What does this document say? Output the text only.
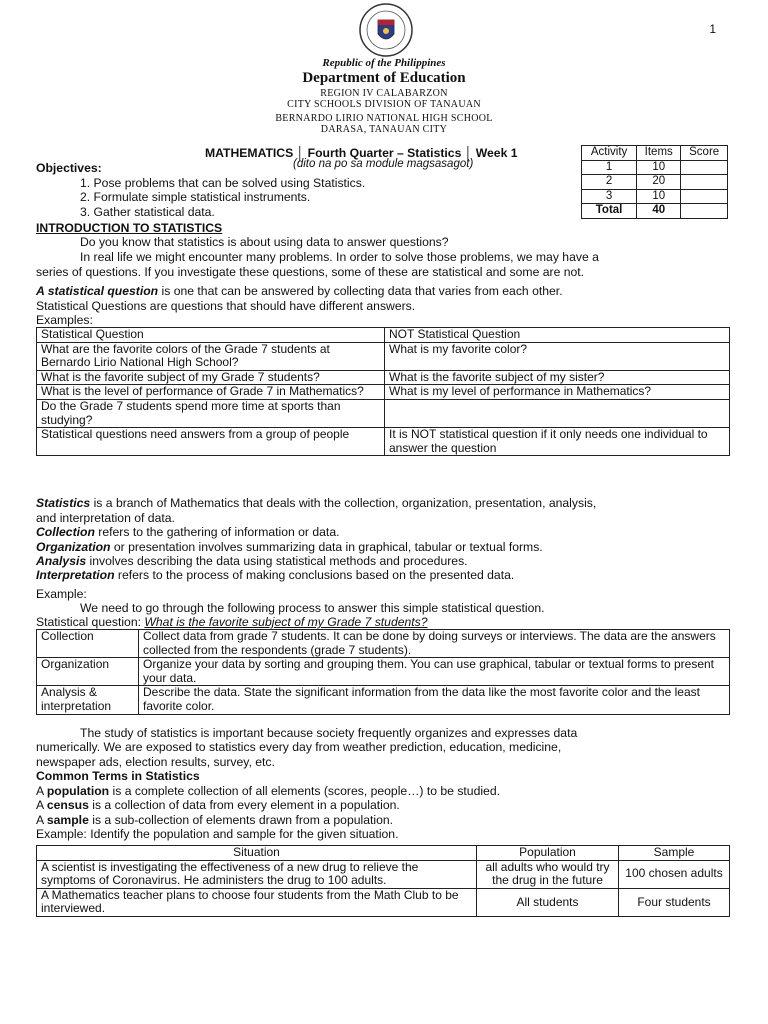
1
Republic of the Philippines
Department of Education
REGION IV CALABARZON
CITY SCHOOLS DIVISION OF TANAUAN
BERNARDO LIRIO NATIONAL HIGH SCHOOL
DARASA, TANAUAN CITY
MATHEMATICS │ Fourth Quarter – Statistics │ Week 1
(dito na po sa module magsasagot)
Activity	Items	Score
1	10	
2	20	
3	10	
Total	40	
Objectives:
1. Pose problems that can be solved using Statistics.
2. Formulate simple statistical instruments.
3. Gather statistical data.
INTRODUCTION TO STATISTICS
Do you know that statistics is about using data to answer questions?
In real life we might encounter many problems. In order to solve those problems, we may have a
series of questions. If you investigate these questions, some of these are statistical and some are not.
A statistical question is one that can be answered by collecting data that varies from each other.
Statistical Questions are questions that should have different answers.
Examples:
Statistical Question	NOT Statistical Question
What are the favorite colors of the Grade 7 students at Bernardo Lirio National High School?	What is my favorite color?
What is the favorite subject of my Grade 7 students?	What is the favorite subject of my sister?
What is the level of performance of Grade 7 in Mathematics?	What is my level of performance in Mathematics?
Do the Grade 7 students spend more time at sports than studying?	
Statistical questions need answers from a group of people	It is NOT statistical question if it only needs one individual to answer the question
Statistics is a branch of Mathematics that deals with the collection, organization, presentation, analysis,
and interpretation of data.
Collection refers to the gathering of information or data.
Organization or presentation involves summarizing data in graphical, tabular or textual forms.
Analysis involves describing the data using statistical methods and procedures.
Interpretation refers to the process of making conclusions based on the presented data.
Example:
We need to go through the following process to answer this simple statistical question.
Statistical question: What is the favorite subject of my Grade 7 students?
Collection	Collect data from grade 7 students. It can be done by doing surveys or interviews. The data are the answers collected from the respondents (grade 7 students).
Organization	Organize your data by sorting and grouping them. You can use graphical, tabular or textual forms to present your data.
Analysis & interpretation	Describe the data. State the significant information from the data like the most favorite color and the least favorite color.
The study of statistics is important because society frequently organizes and expresses data
numerically. We are exposed to statistics every day from weather prediction, education, medicine,
newspaper ads, election results, survey, etc.
Common Terms in Statistics
A population is a complete collection of all elements (scores, people…) to be studied.
A census is a collection of data from every element in a population.
A sample is a sub-collection of elements drawn from a population.
Example: Identify the population and sample for the given situation.
Situation	Population	Sample
A scientist is investigating the effectiveness of a new drug to relieve the symptoms of Coronavirus. He administers the drug to 100 adults.	all adults who would try the drug in the future	100 chosen adults
A Mathematics teacher plans to choose four students from the Math Club to be interviewed.	All students	Four students
